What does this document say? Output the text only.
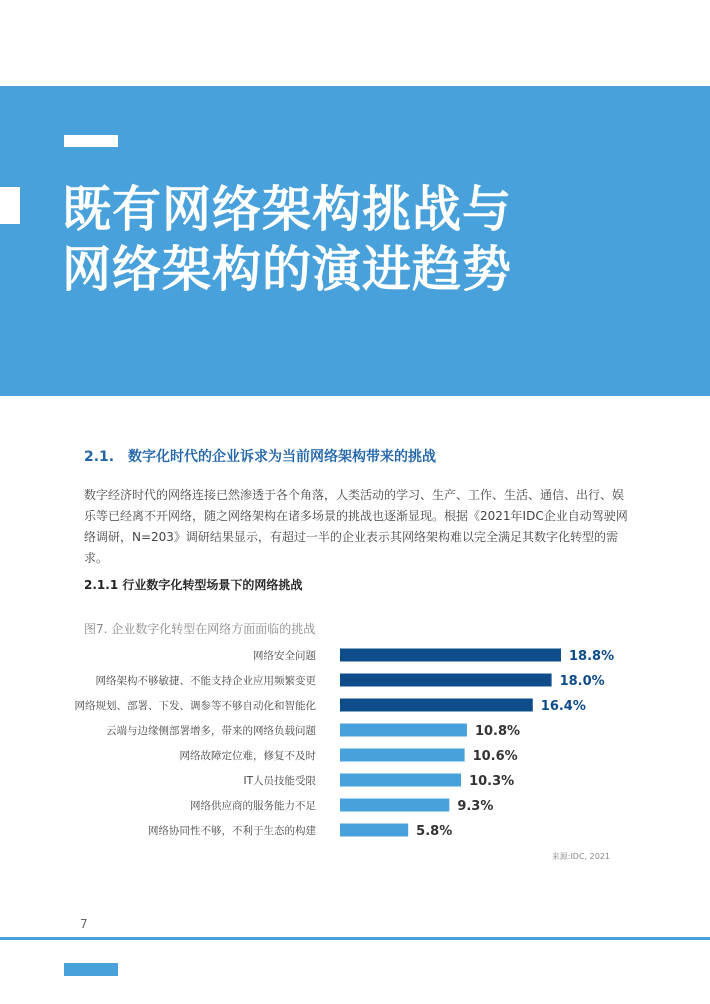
既有网络架构挑战与
网络架构的演进趋势
2.1. 数字化时代的企业诉求为当前网络架构带来的挑战

数字经济时代的网络连接已然渗透于各个角落，人类活动的学习、生产、工作、生活、通信、出行、娱乐等已经离不开网络，随之网络架构在诸多场景的挑战也逐渐显现。根据《2021年IDC企业自动驾驶网络调研，N=203》调研结果显示，有超过一半的企业表示其网络架构难以完全满足其数字化转型的需求。

2.1.1 行业数字化转型场景下的网络挑战

图7. 企业数字化转型在网络方面面临的挑战

网络安全问题	18.8%
网络架构不够敏捷、不能支持企业应用频繁变更	18.0%
网络规划、部署、下发、调参等不够自动化和智能化	16.4%
云端与边缘侧部署增多，带来的网络负载问题	10.8%
网络故障定位难，修复不及时	10.6%
IT人员技能受限	10.3%
网络供应商的服务能力不足	9.3%
网络协同性不够，不利于生态的构建	5.8%

来源:IDC, 2021

7
